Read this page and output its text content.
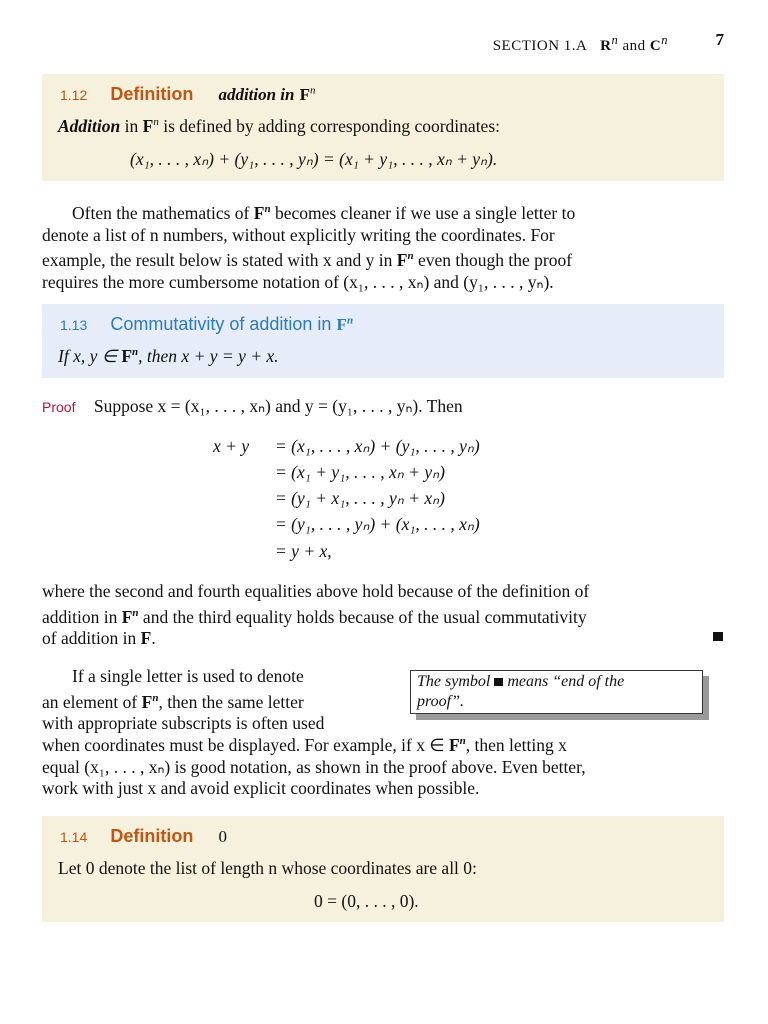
SECTION 1.A $R^n$ and $C^n$	7
1.12 Definition addition in $F^n$
Addition in $F^n$ is defined by adding corresponding coordinates:
(x₁, . . . , xₙ) + (y₁, . . . , yₙ) = (x₁ + y₁, . . . , xₙ + yₙ).
Often the mathematics of $F^n$ becomes cleaner if we use a single letter to
denote a list of n numbers, without explicitly writing the coordinates. For
example, the result below is stated with x and y in $F^n$ even though the proof
requires the more cumbersome notation of (x₁, . . . , xₙ) and (y₁, . . . , yₙ).
1.13 Commutativity of addition in $F^n$
If x, y ∈ $F^n$, then x + y = y + x.
Proof Suppose x = (x₁, . . . , xₙ) and y = (y₁, . . . , yₙ). Then
x + y = (x₁, . . . , xₙ) + (y₁, . . . , yₙ)
= (x₁ + y₁, . . . , xₙ + yₙ)
= (y₁ + x₁, . . . , yₙ + xₙ)
= (y₁, . . . , yₙ) + (x₁, . . . , xₙ)
= y + x,
where the second and fourth equalities above hold because of the definition of
addition in $F^n$ and the third equality holds because of the usual commutativity
of addition in F.
If a single letter is used to denote
an element of $F^n$, then the same letter
with appropriate subscripts is often used
when coordinates must be displayed. For example, if x ∈ $F^n$, then letting x
equal (x₁, . . . , xₙ) is good notation, as shown in the proof above. Even better,
work with just x and avoid explicit coordinates when possible.
The symbol means “end of the
proof”.
1.14 Definition 0
Let 0 denote the list of length n whose coordinates are all 0:
0 = (0, . . . , 0).
